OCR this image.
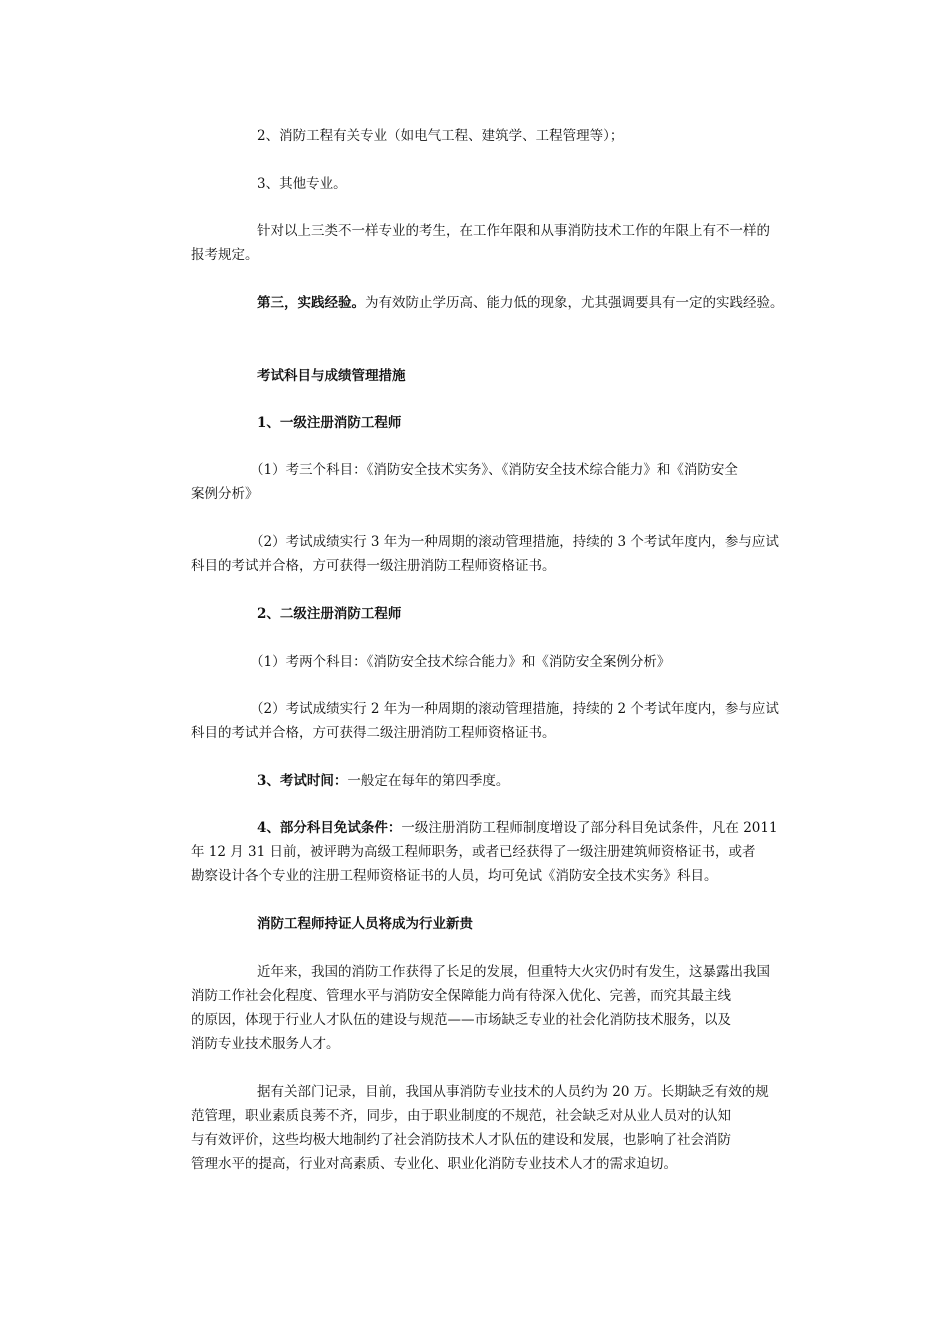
2、消防工程有关专业（如电气工程、建筑学、工程管理等）；

3、其他专业。

针对以上三类不一样专业的考生，在工作年限和从事消防技术工作的年限上有不一样的
报考规定。

第三，实践经验。为有效防止学历高、能力低的现象，尤其强调要具有一定的实践经验。

考试科目与成绩管理措施

1、一级注册消防工程师

（1）考三个科目：《消防安全技术实务》、《消防安全技术综合能力》和《消防安全
案例分析》

（2）考试成绩实行 3 年为一种周期的滚动管理措施，持续的 3 个考试年度内，参与应试
科目的考试并合格，方可获得一级注册消防工程师资格证书。

2、二级注册消防工程师

（1）考两个科目：《消防安全技术综合能力》和《消防安全案例分析》

（2）考试成绩实行 2 年为一种周期的滚动管理措施，持续的 2 个考试年度内，参与应试
科目的考试并合格，方可获得二级注册消防工程师资格证书。

3、考试时间：一般定在每年的第四季度。

4、部分科目免试条件：一级注册消防工程师制度增设了部分科目免试条件，凡在 2011
年 12 月 31 日前，被评聘为高级工程师职务，或者已经获得了一级注册建筑师资格证书，或者
勘察设计各个专业的注册工程师资格证书的人员，均可免试《消防安全技术实务》科目。

消防工程师持证人员将成为行业新贵

近年来，我国的消防工作获得了长足的发展，但重特大火灾仍时有发生，这暴露出我国
消防工作社会化程度、管理水平与消防安全保障能力尚有待深入优化、完善，而究其最主线
的原因，体现于行业人才队伍的建设与规范——市场缺乏专业的社会化消防技术服务，以及
消防专业技术服务人才。

据有关部门记录，目前，我国从事消防专业技术的人员约为 20 万。长期缺乏有效的规
范管理，职业素质良莠不齐，同步，由于职业制度的不规范，社会缺乏对从业人员对的认知
与有效评价，这些均极大地制约了社会消防技术人才队伍的建设和发展，也影响了社会消防
管理水平的提高，行业对高素质、专业化、职业化消防专业技术人才的需求迫切。
